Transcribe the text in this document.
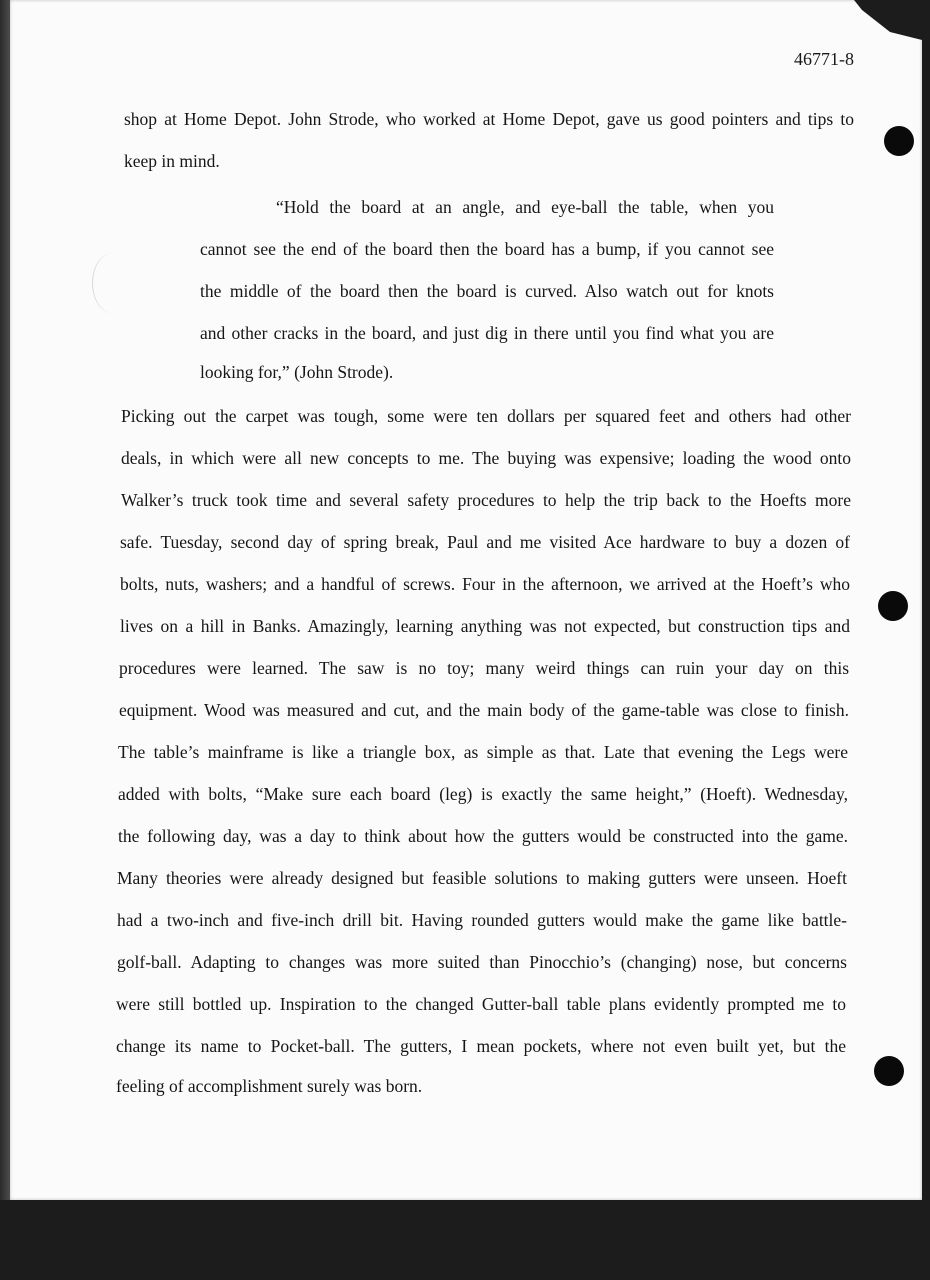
46771-8
shop at Home Depot. John Strode, who worked at Home Depot, gave us good pointers and tips to
keep in mind.
“Hold the board at an angle, and eye-ball the table, when you
cannot see the end of the board then the board has a bump, if you cannot see
the middle of the board then the board is curved. Also watch out for knots
and other cracks in the board, and just dig in there until you find what you are
looking for,” (John Strode).
Picking out the carpet was tough, some were ten dollars per squared feet and others had other
deals, in which were all new concepts to me. The buying was expensive; loading the wood onto
Walker’s truck took time and several safety procedures to help the trip back to the Hoefts more
safe. Tuesday, second day of spring break, Paul and me visited Ace hardware to buy a dozen of
bolts, nuts, washers; and a handful of screws. Four in the afternoon, we arrived at the Hoeft’s who
lives on a hill in Banks. Amazingly, learning anything was not expected, but construction tips and
procedures were learned. The saw is no toy; many weird things can ruin your day on this
equipment. Wood was measured and cut, and the main body of the game-table was close to finish.
The table’s mainframe is like a triangle box, as simple as that. Late that evening the Legs were
added with bolts, “Make sure each board (leg) is exactly the same height,” (Hoeft). Wednesday,
the following day, was a day to think about how the gutters would be constructed into the game.
Many theories were already designed but feasible solutions to making gutters were unseen. Hoeft
had a two-inch and five-inch drill bit. Having rounded gutters would make the game like battle-
golf-ball. Adapting to changes was more suited than Pinocchio’s (changing) nose, but concerns
were still bottled up. Inspiration to the changed Gutter-ball table plans evidently prompted me to
change its name to Pocket-ball. The gutters, I mean pockets, where not even built yet, but the
feeling of accomplishment surely was born.
